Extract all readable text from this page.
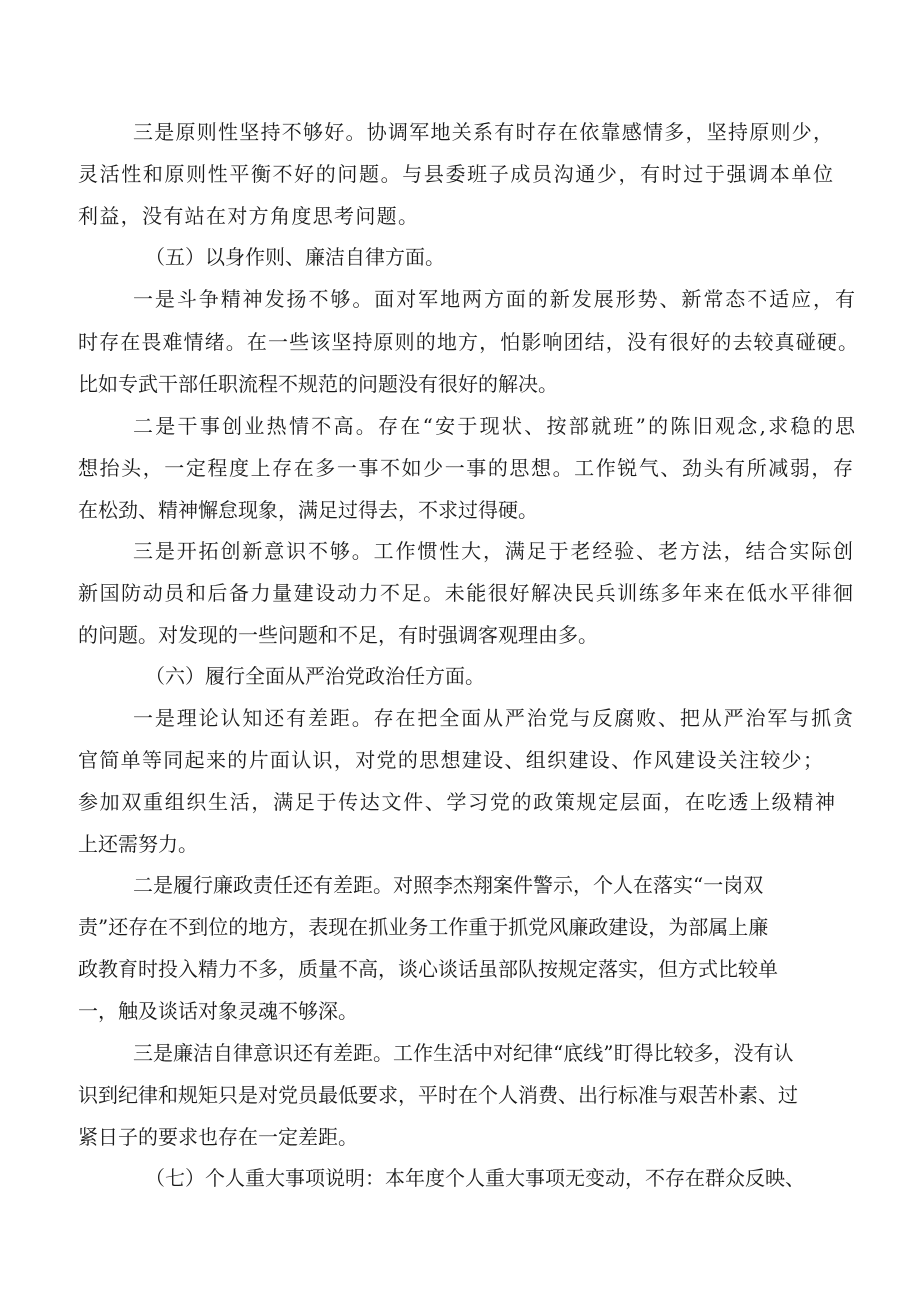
三是原则性坚持不够好。协调军地关系有时存在依靠感情多，坚持原则少，
灵活性和原则性平衡不好的问题。与县委班子成员沟通少，有时过于强调本单位
利益，没有站在对方角度思考问题。
（五）以身作则、廉洁自律方面。
一是斗争精神发扬不够。面对军地两方面的新发展形势、新常态不适应，有
时存在畏难情绪。在一些该坚持原则的地方，怕影响团结，没有很好的去较真碰硬。
比如专武干部任职流程不规范的问题没有很好的解决。
二是干事创业热情不高。存在“安于现状、按部就班”的陈旧观念,求稳的思
想抬头，一定程度上存在多一事不如少一事的思想。工作锐气、劲头有所减弱，存
在松劲、精神懈怠现象，满足过得去，不求过得硬。
三是开拓创新意识不够。工作惯性大，满足于老经验、老方法，结合实际创
新国防动员和后备力量建设动力不足。未能很好解决民兵训练多年来在低水平徘徊
的问题。对发现的一些问题和不足，有时强调客观理由多。
（六）履行全面从严治党政治任方面。
一是理论认知还有差距。存在把全面从严治党与反腐败、把从严治军与抓贪
官简单等同起来的片面认识，对党的思想建设、组织建设、作风建设关注较少；
参加双重组织生活，满足于传达文件、学习党的政策规定层面，在吃透上级精神
上还需努力。
二是履行廉政责任还有差距。对照李杰翔案件警示，个人在落实“一岗双
责”还存在不到位的地方，表现在抓业务工作重于抓党风廉政建设，为部属上廉
政教育时投入精力不多，质量不高，谈心谈话虽部队按规定落实，但方式比较单
一，触及谈话对象灵魂不够深。
三是廉洁自律意识还有差距。工作生活中对纪律“底线”盯得比较多，没有认
识到纪律和规矩只是对党员最低要求，平时在个人消费、出行标准与艰苦朴素、过
紧日子的要求也存在一定差距。
（七）个人重大事项说明：本年度个人重大事项无变动，不存在群众反映、
